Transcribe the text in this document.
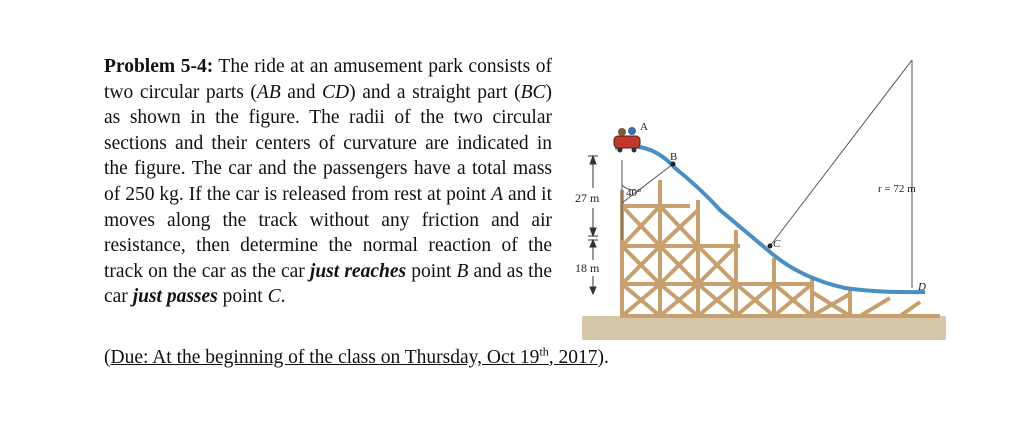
Problem 5-4: The ride at an amusement park consists of two circular parts (AB and CD) and a straight part (BC) as shown in the figure. The radii of the two circular sections and their centers of curvature are indicated in the figure. The car and the passengers have a total mass of 250 kg. If the car is released from rest at point A and it moves along the track without any friction and air resistance, then determine the normal reaction of the track on the car as the car just reaches point B and as the car just passes point C.
(Due: At the beginning of the class on Thursday, Oct 19th, 2017).
40°
27 m
18 m
A
B
C
D
r = 72 m
